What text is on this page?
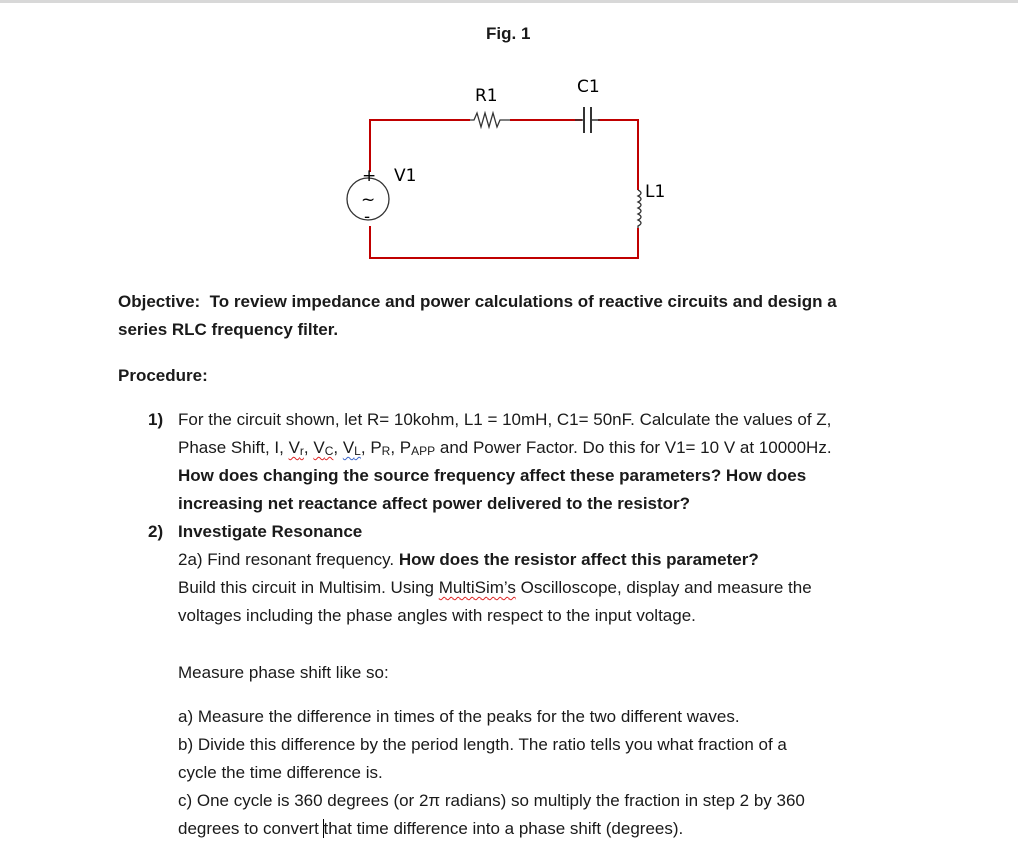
Fig. 1
+
~
-
R1	C1
V1
L1
Objective: To review impedance and power calculations of reactive circuits and design a
series RLC frequency filter.
Procedure:
1) For the circuit shown, let R= 10kohm, L1 = 10mH, C1= 50nF. Calculate the values of Z,
Phase Shift, I, $V_r$, $V_C$, $V_L$, $P_R$, $P_{APP}$ and Power Factor. Do this for V1= 10 V at 10000Hz.
How does changing the source frequency affect these parameters? How does
increasing net reactance affect power delivered to the resistor?
2) Investigate Resonance
2a) Find resonant frequency. How does the resistor affect this parameter?
Build this circuit in Multisim. Using MultiSim’s Oscilloscope, display and measure the
voltages including the phase angles with respect to the input voltage.
Measure phase shift like so:
a) Measure the difference in times of the peaks for the two different waves.
b) Divide this difference by the period length. The ratio tells you what fraction of a
cycle the time difference is.
c) One cycle is 360 degrees (or 2π radians) so multiply the fraction in step 2 by 360
degrees to convert that time difference into a phase shift (degrees).
